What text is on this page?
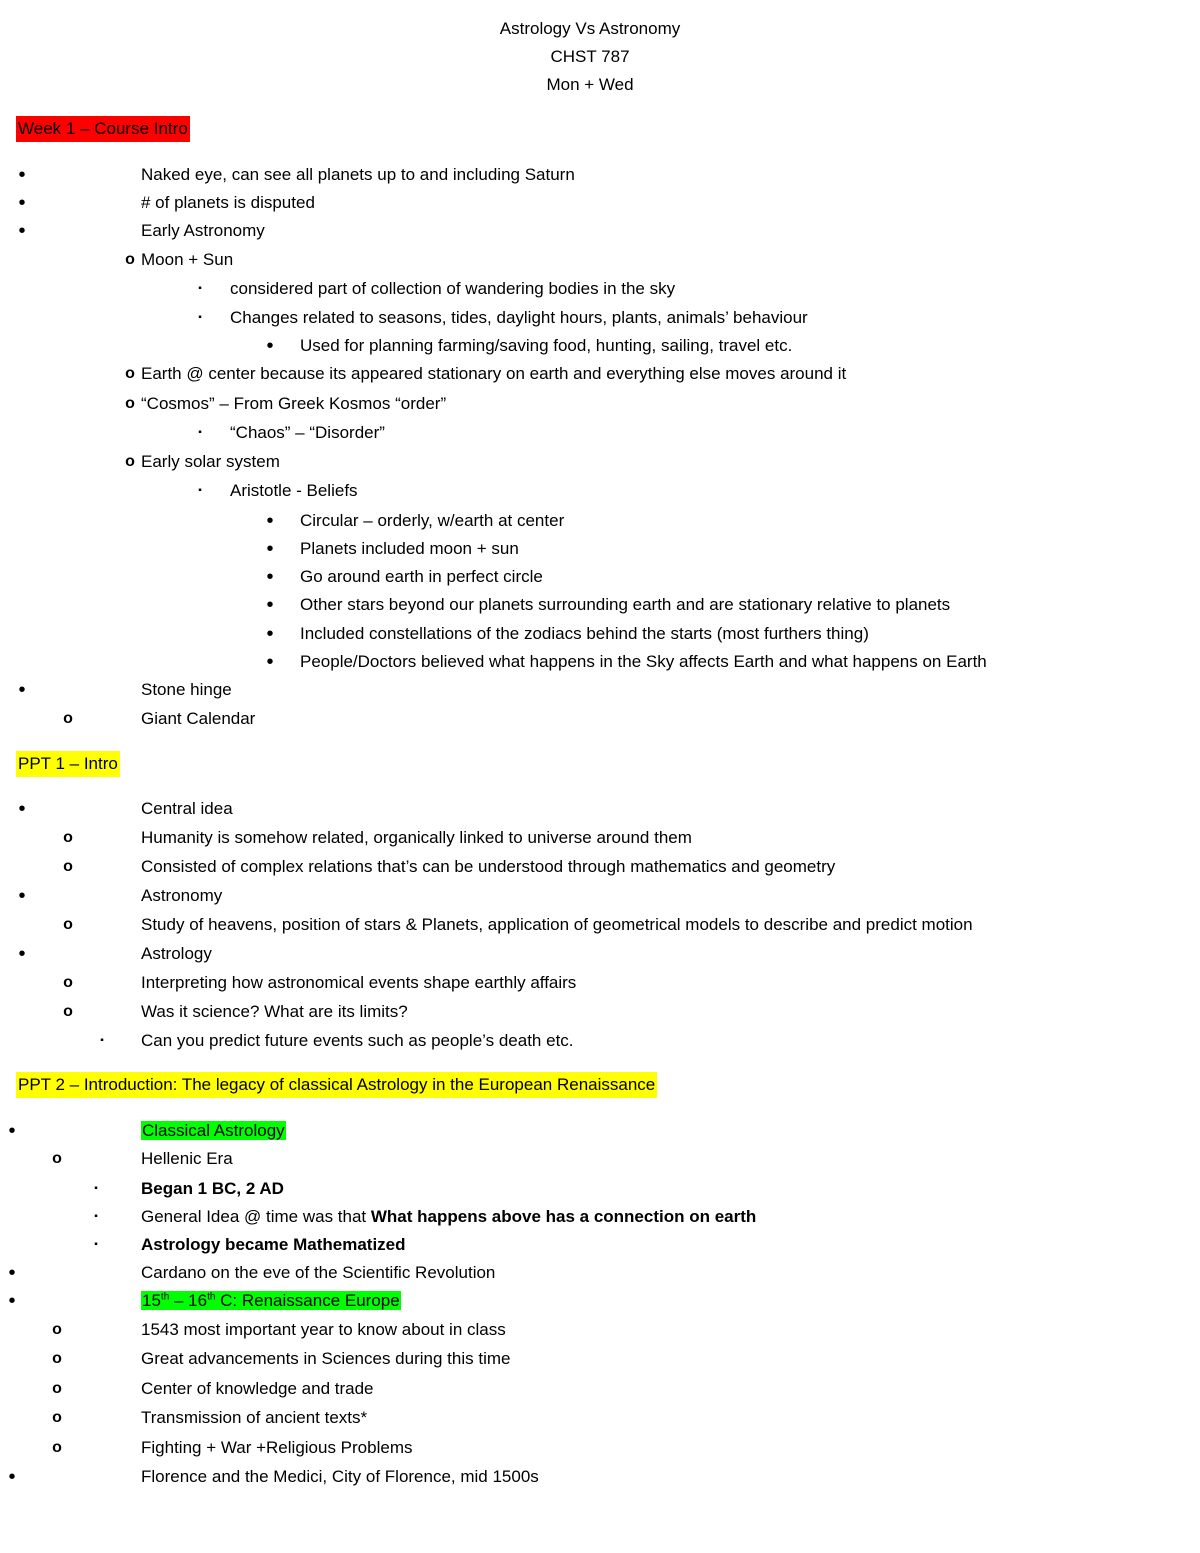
Astrology Vs Astronomy
CHST 787
Mon + Wed
Week 1 – Course Intro
•	Naked eye, can see all planets up to and including Saturn
•	# of planets is disputed
•	Early Astronomy
o Moon + Sun
▪	considered part of collection of wandering bodies in the sky
▪	Changes related to seasons, tides, daylight hours, plants, animals’ behaviour
• Used for planning farming/saving food, hunting, sailing, travel etc.
o Earth @ center because its appeared stationary on earth and everything else moves around it
o “Cosmos” – From Greek Kosmos “order”
▪	“Chaos” – “Disorder”
o Early solar system
▪	Aristotle - Beliefs
• Circular – orderly, w/earth at center
• Planets included moon + sun
• Go around earth in perfect circle
• Other stars beyond our planets surrounding earth and are stationary relative to planets
• Included constellations of the zodiacs behind the starts (most furthers thing)
• People/Doctors believed what happens in the Sky affects Earth and what happens on Earth
•	Stone hinge
o	Giant Calendar
PPT 1 – Intro
•	Central idea
o	Humanity is somehow related, organically linked to universe around them
o	Consisted of complex relations that’s can be understood through mathematics and geometry
•	Astronomy
o	Study of heavens, position of stars & Planets, application of geometrical models to describe and predict motion
•	Astrology
o	Interpreting how astronomical events shape earthly affairs
o	Was it science? What are its limits?
▪	Can you predict future events such as people’s death etc.
PPT 2 – Introduction: The legacy of classical Astrology in the European Renaissance
•	Classical Astrology
o	Hellenic Era
▪	Began 1 BC, 2 AD
▪	General Idea @ time was that What happens above has a connection on earth
▪	Astrology became Mathematized
•	Cardano on the eve of the Scientific Revolution
•	15th – 16th C: Renaissance Europe
o	1543 most important year to know about in class
o	Great advancements in Sciences during this time
o	Center of knowledge and trade
o	Transmission of ancient texts*
o	Fighting + War +Religious Problems
•	Florence and the Medici, City of Florence, mid 1500s
